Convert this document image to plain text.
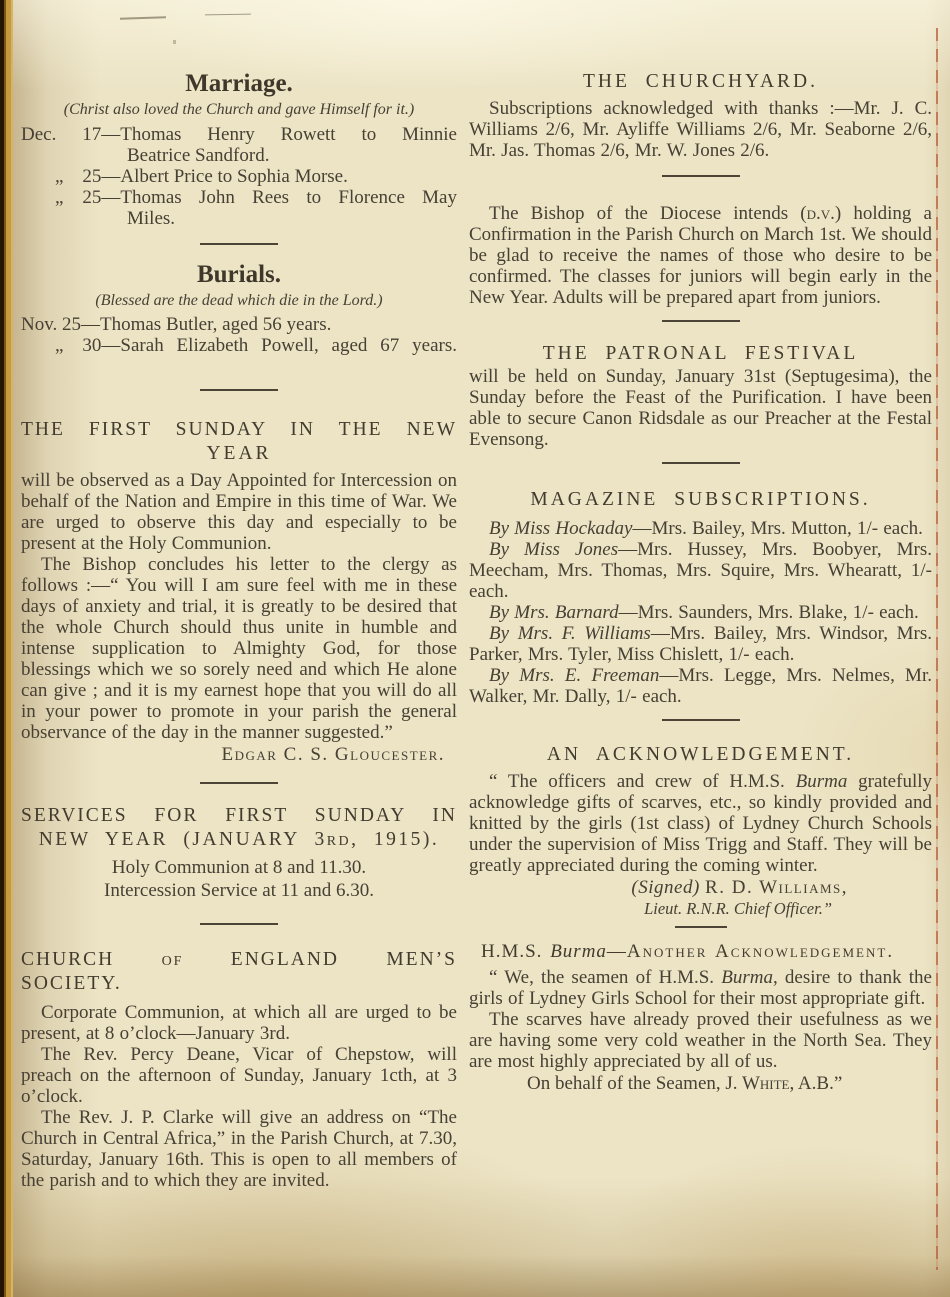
Marriage.

(Christ also loved the Church and gave Himself for it.)

Dec. 17—Thomas Henry Rowett to Minnie

Beatrice Sandford.

„  25—Albert Price to Sophia Morse.

„  25—Thomas John Rees to Florence May

Miles.

Burials.

(Blessed are the dead which die in the Lord.)

Nov. 25—Thomas Butler, aged 56 years.

„  30—Sarah Elizabeth Powell, aged 67 years.

THE FIRST SUNDAY IN THE NEW

YEAR

will be observed as a Day Appointed for Intercession on behalf of the Nation and Empire in this time of War. We are urged to observe this day and especially to be present at the Holy Communion.

The Bishop concludes his letter to the clergy as follows :—“ You will I am sure feel with me in these days of anxiety and trial, it is greatly to be desired that the whole Church should thus unite in humble and intense supplication to Almighty God, for those blessings which we so sorely need and which He alone can give ; and it is my earnest hope that you will do all in your power to promote in your parish the general observance of the day in the manner suggested.”

Edgar C. S. Gloucester.

SERVICES FOR FIRST SUNDAY IN

NEW YEAR (JANUARY 3rd, 1915).

Holy Communion at 8 and 11.30.

Intercession Service at 11 and 6.30.

CHURCH of ENGLAND MEN’S SOCIETY.

Corporate Communion, at which all are urged to be present, at 8 o’clock—January 3rd.

The Rev. Percy Deane, Vicar of Chepstow, will preach on the afternoon of Sunday, January 1cth, at 3 o’clock.

The Rev. J. P. Clarke will give an address on “The Church in Central Africa,” in the Parish Church, at 7.30, Saturday, January 16th. This is open to all members of the parish and to which they are invited.

THE CHURCHYARD.

Subscriptions acknowledged with thanks :—Mr. J. C. Williams 2/6, Mr. Ayliffe Williams 2/6, Mr. Seaborne 2/6, Mr. Jas. Thomas 2/6, Mr. W. Jones 2/6.

The Bishop of the Diocese intends (d.v.) holding a Confirmation in the Parish Church on March 1st. We should be glad to receive the names of those who desire to be confirmed. The classes for juniors will begin early in the New Year. Adults will be prepared apart from juniors.

THE PATRONAL FESTIVAL

will be held on Sunday, January 31st (Septugesima), the Sunday before the Feast of the Purification. I have been able to secure Canon Ridsdale as our Preacher at the Festal Evensong.

MAGAZINE SUBSCRIPTIONS.

By Miss Hockaday—Mrs. Bailey, Mrs. Mutton, 1/- each.

By Miss Jones—Mrs. Hussey, Mrs. Boobyer, Mrs. Meecham, Mrs. Thomas, Mrs. Squire, Mrs. Whearatt, 1/- each.

By Mrs. Barnard—Mrs. Saunders, Mrs. Blake, 1/- each.

By Mrs. F. Williams—Mrs. Bailey, Mrs. Windsor, Mrs. Parker, Mrs. Tyler, Miss Chislett, 1/- each.

By Mrs. E. Freeman—Mrs. Legge, Mrs. Nelmes, Mr. Walker, Mr. Dally, 1/- each.

AN ACKNOWLEDGEMENT.

“ The officers and crew of H.M.S. Burma gratefully acknowledge gifts of scarves, etc., so kindly provided and knitted by the girls (1st class) of Lydney Church Schools under the supervision of Miss Trigg and Staff. They will be greatly appreciated during the coming winter.

(Signed) R. D. Williams,

Lieut. R.N.R. Chief Officer.”

H.M.S. Burma—Another Acknowledgement.

“ We, the seamen of H.M.S. Burma, desire to thank the girls of Lydney Girls School for their most appropriate gift.

The scarves have already proved their usefulness as we are having some very cold weather in the North Sea. They are most highly appreciated by all of us.

On behalf of the Seamen, J. White, A.B.”
